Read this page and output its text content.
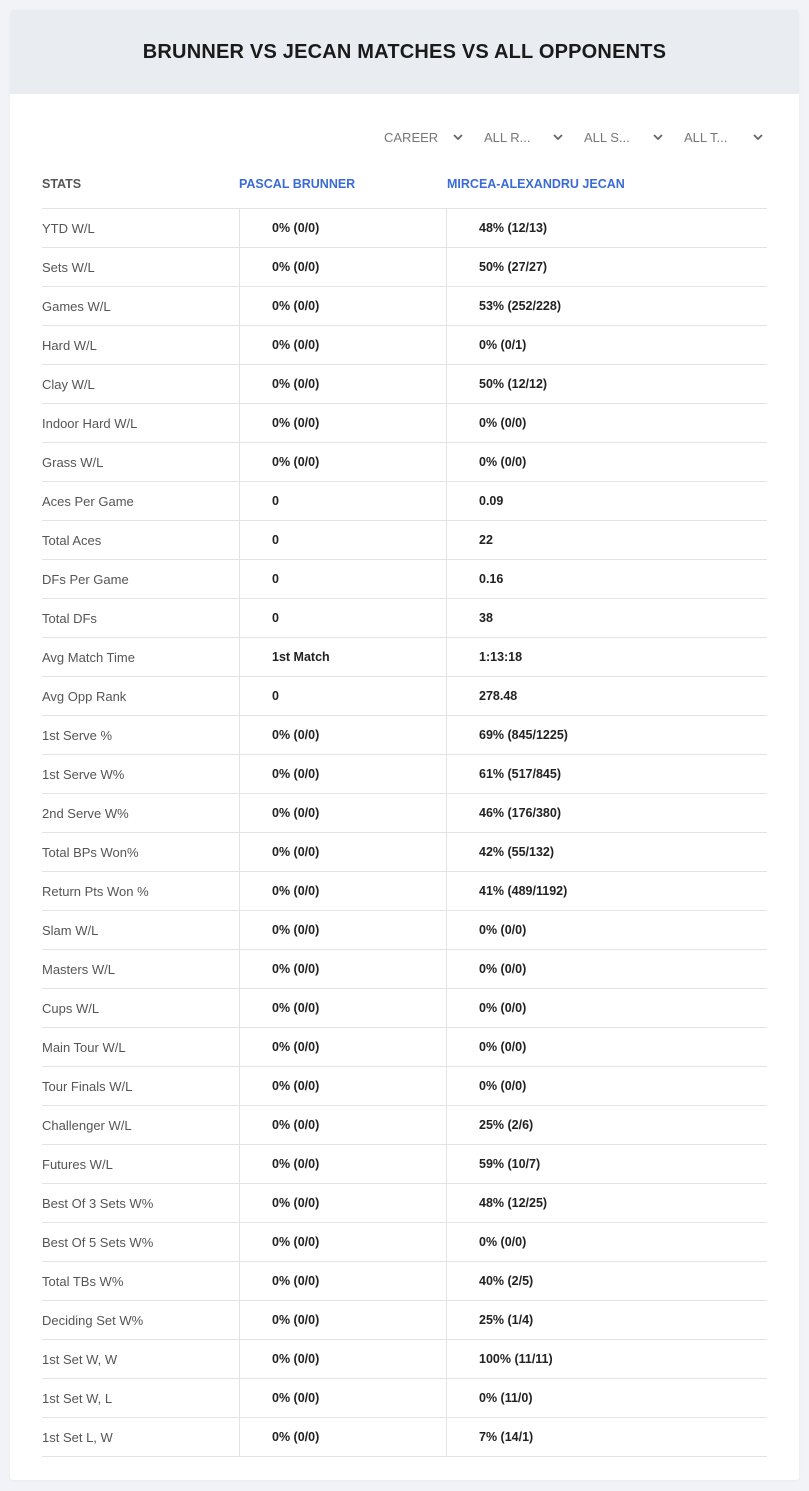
BRUNNER VS JECAN MATCHES VS ALL OPPONENTS
CAREER	ALL R...	ALL S...	ALL T...
STATS	PASCAL BRUNNER	MIRCEA-ALEXANDRU JECAN
YTD W/L	0% (0/0)	48% (12/13)
Sets W/L	0% (0/0)	50% (27/27)
Games W/L	0% (0/0)	53% (252/228)
Hard W/L	0% (0/0)	0% (0/1)
Clay W/L	0% (0/0)	50% (12/12)
Indoor Hard W/L	0% (0/0)	0% (0/0)
Grass W/L	0% (0/0)	0% (0/0)
Aces Per Game	0	0.09
Total Aces	0	22
DFs Per Game	0	0.16
Total DFs	0	38
Avg Match Time	1st Match	1:13:18
Avg Opp Rank	0	278.48
1st Serve %	0% (0/0)	69% (845/1225)
1st Serve W%	0% (0/0)	61% (517/845)
2nd Serve W%	0% (0/0)	46% (176/380)
Total BPs Won%	0% (0/0)	42% (55/132)
Return Pts Won %	0% (0/0)	41% (489/1192)
Slam W/L	0% (0/0)	0% (0/0)
Masters W/L	0% (0/0)	0% (0/0)
Cups W/L	0% (0/0)	0% (0/0)
Main Tour W/L	0% (0/0)	0% (0/0)
Tour Finals W/L	0% (0/0)	0% (0/0)
Challenger W/L	0% (0/0)	25% (2/6)
Futures W/L	0% (0/0)	59% (10/7)
Best Of 3 Sets W%	0% (0/0)	48% (12/25)
Best Of 5 Sets W%	0% (0/0)	0% (0/0)
Total TBs W%	0% (0/0)	40% (2/5)
Deciding Set W%	0% (0/0)	25% (1/4)
1st Set W, W	0% (0/0)	100% (11/11)
1st Set W, L	0% (0/0)	0% (11/0)
1st Set L, W	0% (0/0)	7% (14/1)
